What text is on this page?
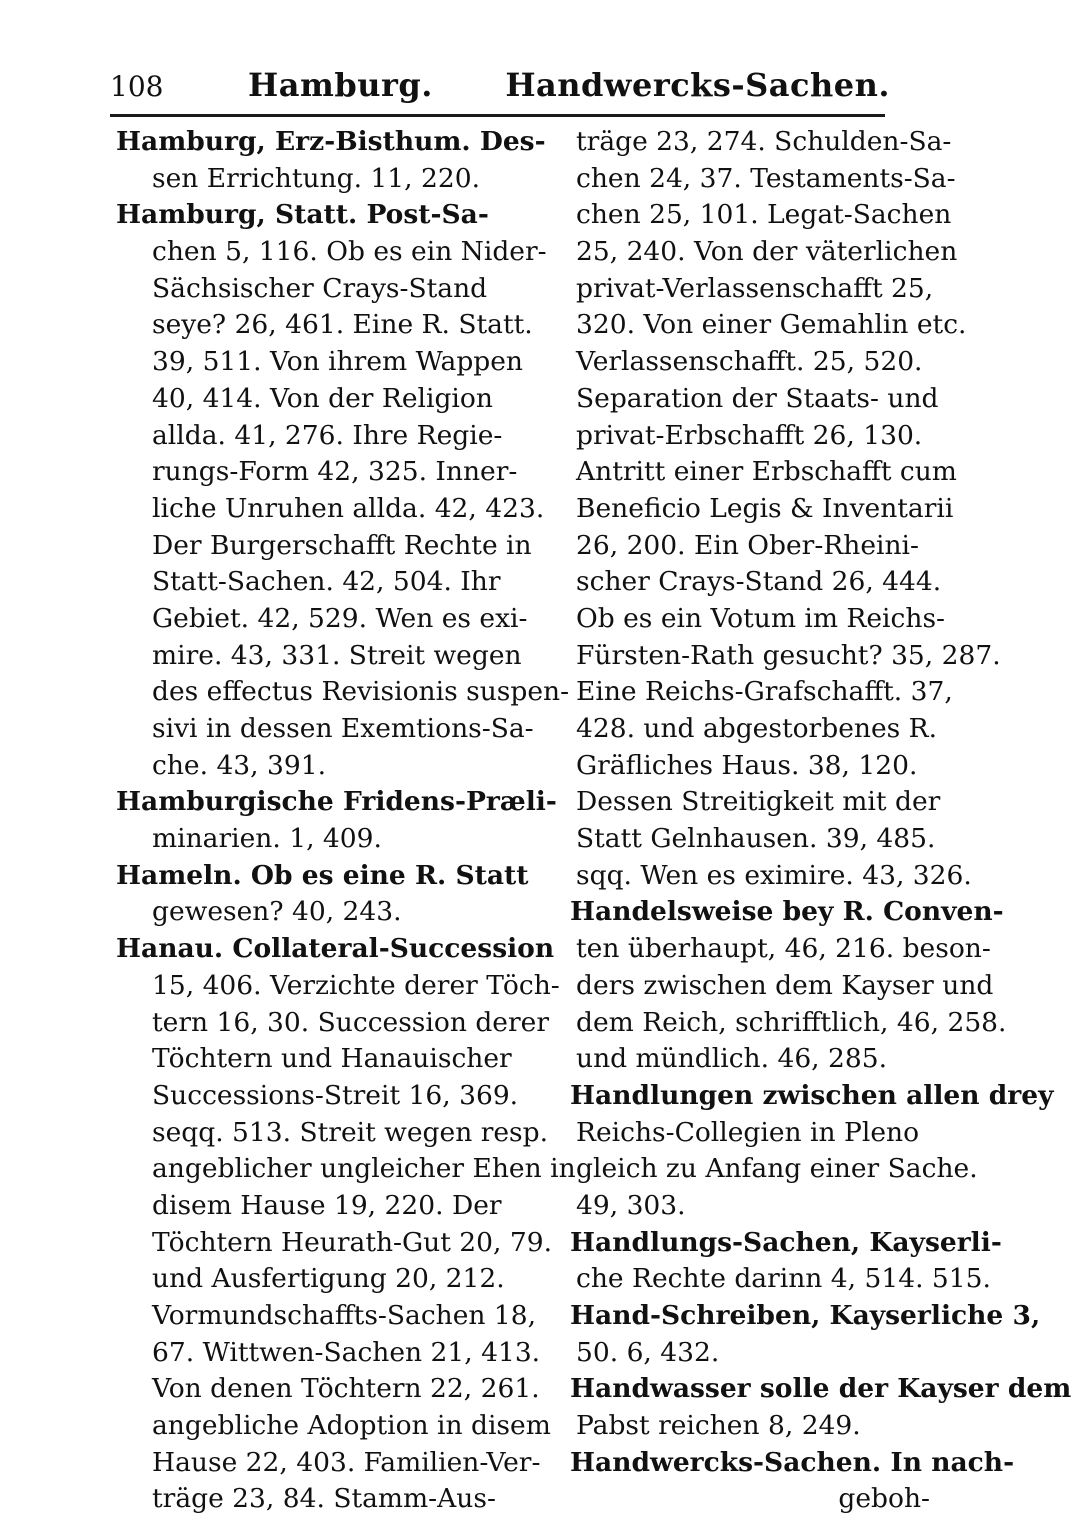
108	Hamburg. Handwercks-Sachen.
Hamburg, Erz-Bisthum. Des-
sen Errichtung. 11, 220.
Hamburg, Statt. Post-Sa-
chen 5, 116. Ob es ein Nider-
Sächsischer Crays-Stand
seye? 26, 461. Eine R. Statt.
39, 511. Von ihrem Wappen
40, 414. Von der Religion
allda. 41, 276. Ihre Regie-
rungs-Form 42, 325. Inner-
liche Unruhen allda. 42, 423.
Der Burgerschafft Rechte in
Statt-Sachen. 42, 504. Ihr
Gebiet. 42, 529. Wen es exi-
mire. 43, 331. Streit wegen
des effectus Revisionis suspen-
sivi in dessen Exemtions-Sa-
che. 43, 391.
Hamburgische Fridens-Præli-
minarien. 1, 409.
Hameln. Ob es eine R. Statt
gewesen? 40, 243.
Hanau. Collateral-Succession
15, 406. Verzichte derer Töch-
tern 16, 30. Succession derer
Töchtern und Hanauischer
Successions-Streit 16, 369.
seqq. 513. Streit wegen resp.
angeblicher ungleicher Ehen in
disem Hause 19, 220. Der
Töchtern Heurath-Gut 20, 79.
und Ausfertigung 20, 212.
Vormundschaffts-Sachen 18,
67. Wittwen-Sachen 21, 413.
Von denen Töchtern 22, 261.
angebliche Adoption in disem
Hause 22, 403. Familien-Ver-
träge 23, 84. Stamm-Aus-
träge 23, 274. Schulden-Sa-
chen 24, 37. Testaments-Sa-
chen 25, 101. Legat-Sachen
25, 240. Von der väterlichen
privat-Verlassenschafft 25,
320. Von einer Gemahlin etc.
Verlassenschafft. 25, 520.
Separation der Staats- und
privat-Erbschafft 26, 130.
Antritt einer Erbschafft cum
Beneficio Legis & Inventarii
26, 200. Ein Ober-Rheini-
scher Crays-Stand 26, 444.
Ob es ein Votum im Reichs-
Fürsten-Rath gesucht? 35, 287.
Eine Reichs-Grafschafft. 37,
428. und abgestorbenes R.
Gräfliches Haus. 38, 120.
Dessen Streitigkeit mit der
Statt Gelnhausen. 39, 485.
sqq. Wen es eximire. 43, 326.
Handelsweise bey R. Conven-
ten überhaupt, 46, 216. beson-
ders zwischen dem Kayser und
dem Reich, schrifftlich, 46, 258.
und mündlich. 46, 285.
Handlungen zwischen allen drey
Reichs-Collegien in Pleno
gleich zu Anfang einer Sache.
49, 303.
Handlungs-Sachen, Kayserli-
che Rechte darinn 4, 514. 515.
Hand-Schreiben, Kayserliche 3,
50. 6, 432.
Handwasser solle der Kayser dem
Pabst reichen 8, 249.
Handwercks-Sachen. In nach-
geboh-
